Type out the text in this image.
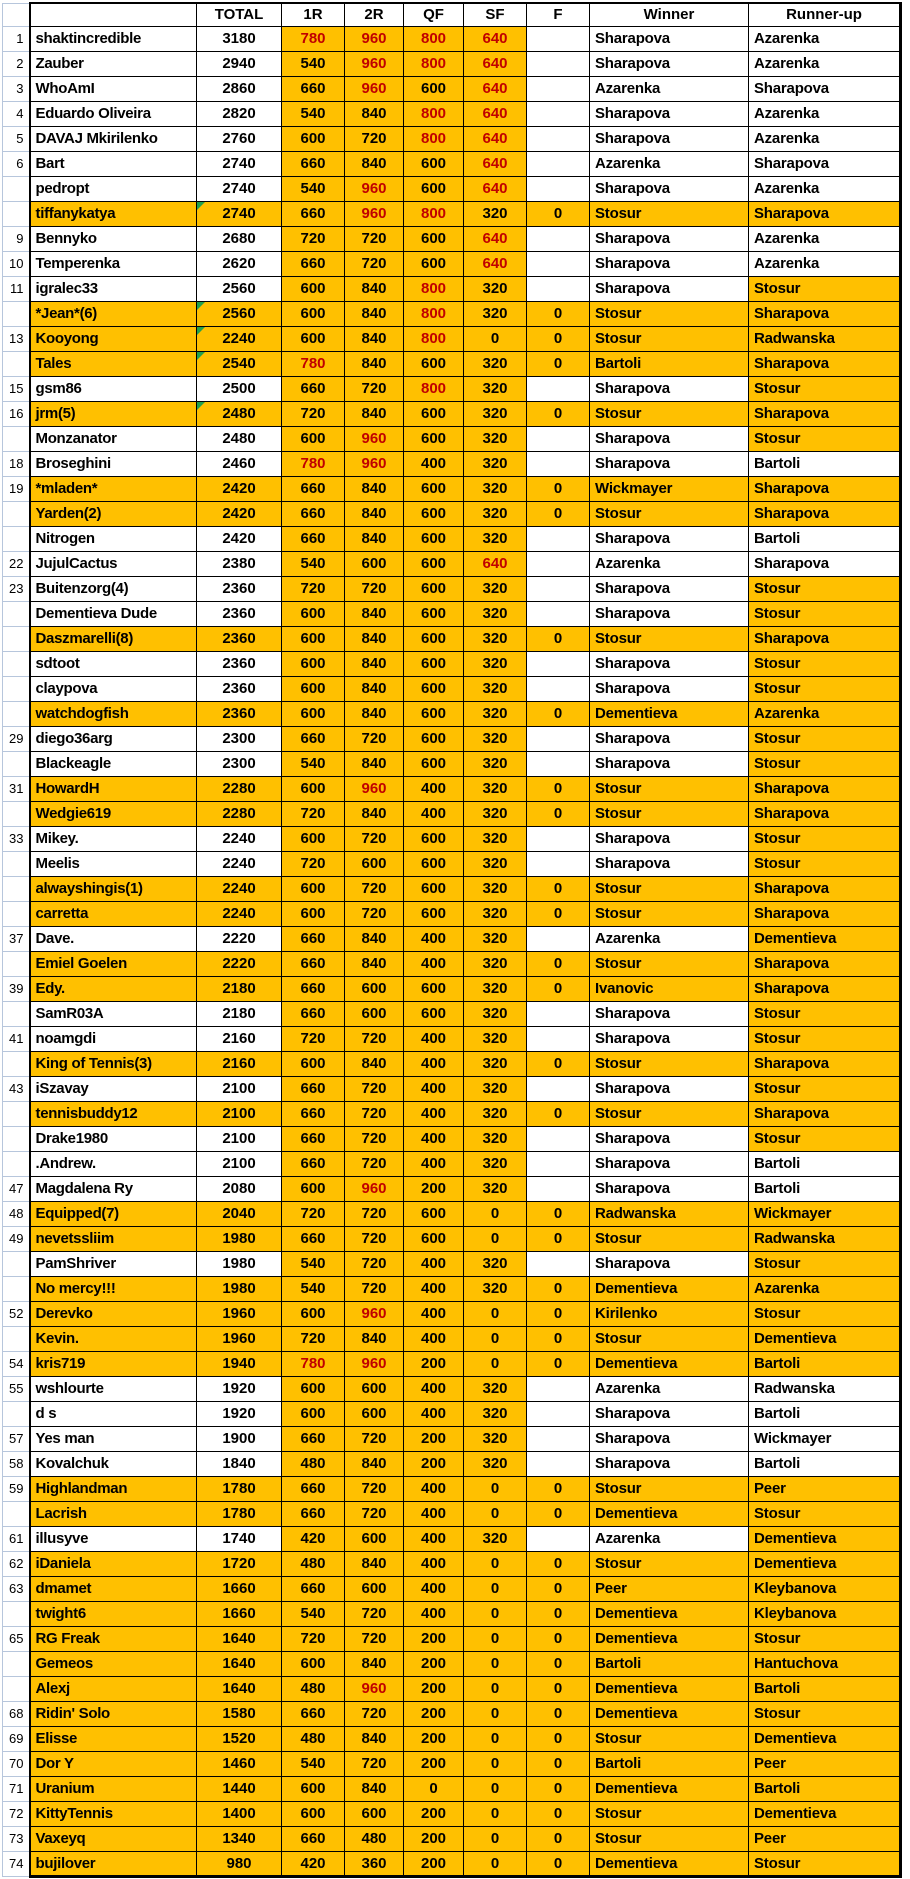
		TOTAL	1R	2R	QF	SF	F	Winner	Runner-up
1	shaktincredible	3180	780	960	800	640		Sharapova	Azarenka
2	Zauber	2940	540	960	800	640		Sharapova	Azarenka
3	WhoAmI	2860	660	960	600	640		Azarenka	Sharapova
4	Eduardo Oliveira	2820	540	840	800	640		Sharapova	Azarenka
5	DAVAJ Mkirilenko	2760	600	720	800	640		Sharapova	Azarenka
6	Bart	2740	660	840	600	640		Azarenka	Sharapova
	pedropt	2740	540	960	600	640		Sharapova	Azarenka
	tiffanykatya	2740	660	960	800	320	0	Stosur	Sharapova
9	Bennyko	2680	720	720	600	640		Sharapova	Azarenka
10	Temperenka	2620	660	720	600	640		Sharapova	Azarenka
11	igralec33	2560	600	840	800	320		Sharapova	Stosur
	*Jean*(6)	2560	600	840	800	320	0	Stosur	Sharapova
13	Kooyong	2240	600	840	800	0	0	Stosur	Radwanska
	Tales	2540	780	840	600	320	0	Bartoli	Sharapova
15	gsm86	2500	660	720	800	320		Sharapova	Stosur
16	jrm(5)	2480	720	840	600	320	0	Stosur	Sharapova
	Monzanator	2480	600	960	600	320		Sharapova	Stosur
18	Broseghini	2460	780	960	400	320		Sharapova	Bartoli
19	*mladen*	2420	660	840	600	320	0	Wickmayer	Sharapova
	Yarden(2)	2420	660	840	600	320	0	Stosur	Sharapova
	Nitrogen	2420	660	840	600	320		Sharapova	Bartoli
22	JujulCactus	2380	540	600	600	640		Azarenka	Sharapova
23	Buitenzorg(4)	2360	720	720	600	320		Sharapova	Stosur
	Dementieva Dude	2360	600	840	600	320		Sharapova	Stosur
	Daszmarelli(8)	2360	600	840	600	320	0	Stosur	Sharapova
	sdtoot	2360	600	840	600	320		Sharapova	Stosur
	claypova	2360	600	840	600	320		Sharapova	Stosur
	watchdogfish	2360	600	840	600	320	0	Dementieva	Azarenka
29	diego36arg	2300	660	720	600	320		Sharapova	Stosur
	Blackeagle	2300	540	840	600	320		Sharapova	Stosur
31	HowardH	2280	600	960	400	320	0	Stosur	Sharapova
	Wedgie619	2280	720	840	400	320	0	Stosur	Sharapova
33	Mikey.	2240	600	720	600	320		Sharapova	Stosur
	Meelis	2240	720	600	600	320		Sharapova	Stosur
	alwayshingis(1)	2240	600	720	600	320	0	Stosur	Sharapova
	carretta	2240	600	720	600	320	0	Stosur	Sharapova
37	Dave.	2220	660	840	400	320		Azarenka	Dementieva
	Emiel Goelen	2220	660	840	400	320	0	Stosur	Sharapova
39	Edy.	2180	660	600	600	320	0	Ivanovic	Sharapova
	SamR03A	2180	660	600	600	320		Sharapova	Stosur
41	noamgdi	2160	720	720	400	320		Sharapova	Stosur
	King of Tennis(3)	2160	600	840	400	320	0	Stosur	Sharapova
43	iSzavay	2100	660	720	400	320		Sharapova	Stosur
	tennisbuddy12	2100	660	720	400	320	0	Stosur	Sharapova
	Drake1980	2100	660	720	400	320		Sharapova	Stosur
	.Andrew.	2100	660	720	400	320		Sharapova	Bartoli
47	Magdalena Ry	2080	600	960	200	320		Sharapova	Bartoli
48	Equipped(7)	2040	720	720	600	0	0	Radwanska	Wickmayer
49	nevetssliim	1980	660	720	600	0	0	Stosur	Radwanska
	PamShriver	1980	540	720	400	320		Sharapova	Stosur
	No mercy!!!	1980	540	720	400	320	0	Dementieva	Azarenka
52	Derevko	1960	600	960	400	0	0	Kirilenko	Stosur
	Kevin.	1960	720	840	400	0	0	Stosur	Dementieva
54	kris719	1940	780	960	200	0	0	Dementieva	Bartoli
55	wshlourte	1920	600	600	400	320		Azarenka	Radwanska
	d s	1920	600	600	400	320		Sharapova	Bartoli
57	Yes man	1900	660	720	200	320		Sharapova	Wickmayer
58	Kovalchuk	1840	480	840	200	320		Sharapova	Bartoli
59	Highlandman	1780	660	720	400	0	0	Stosur	Peer
	Lacrish	1780	660	720	400	0	0	Dementieva	Stosur
61	illusyve	1740	420	600	400	320		Azarenka	Dementieva
62	iDaniela	1720	480	840	400	0	0	Stosur	Dementieva
63	dmamet	1660	660	600	400	0	0	Peer	Kleybanova
	twight6	1660	540	720	400	0	0	Dementieva	Kleybanova
65	RG Freak	1640	720	720	200	0	0	Dementieva	Stosur
	Gemeos	1640	600	840	200	0	0	Bartoli	Hantuchova
	Alexj	1640	480	960	200	0	0	Dementieva	Bartoli
68	Ridin' Solo	1580	660	720	200	0	0	Dementieva	Stosur
69	Elisse	1520	480	840	200	0	0	Stosur	Dementieva
70	Dor Y	1460	540	720	200	0	0	Bartoli	Peer
71	Uranium	1440	600	840	0	0	0	Dementieva	Bartoli
72	KittyTennis	1400	600	600	200	0	0	Stosur	Dementieva
73	Vaxeyq	1340	660	480	200	0	0	Stosur	Peer
74	bujilover	980	420	360	200	0	0	Dementieva	Stosur
